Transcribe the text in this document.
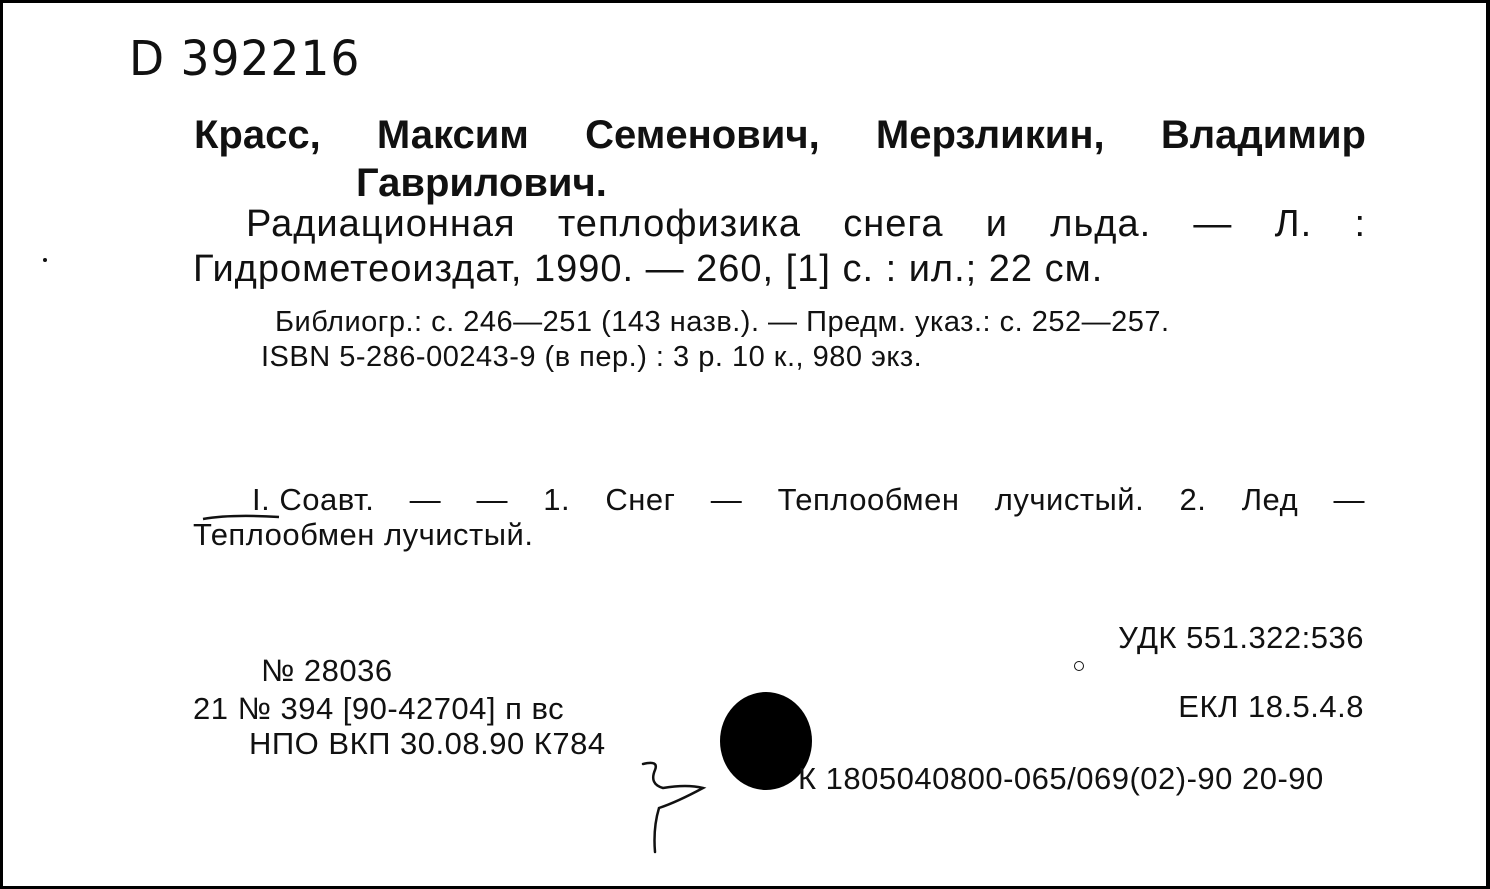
D 392216
Красс, Максим Семенович, Мерзликин, Владимир
Гаврилович.
Радиационная теплофизика снега и льда. — Л. :
Гидрометеоиздат, 1990. — 260, [1] с. : ил.; 22 см.
Библиогр.: с. 246—251 (143 назв.). — Предм. указ.: с. 252—257.
ISBN 5-286-00243-9 (в пер.) : 3 р. 10 к., 980 экз.
I. Соавт. — — 1. Снег — Теплообмен лучистый. 2. Лед —
Теплообмен лучистый.
УДК 551.322:536
ЕКЛ 18.5.4.8
№ 28036
21 № 394 [90-42704] п вс
НПО ВКП 30.08.90 К784
К 1805040800-065/069(02)-90 20-90
